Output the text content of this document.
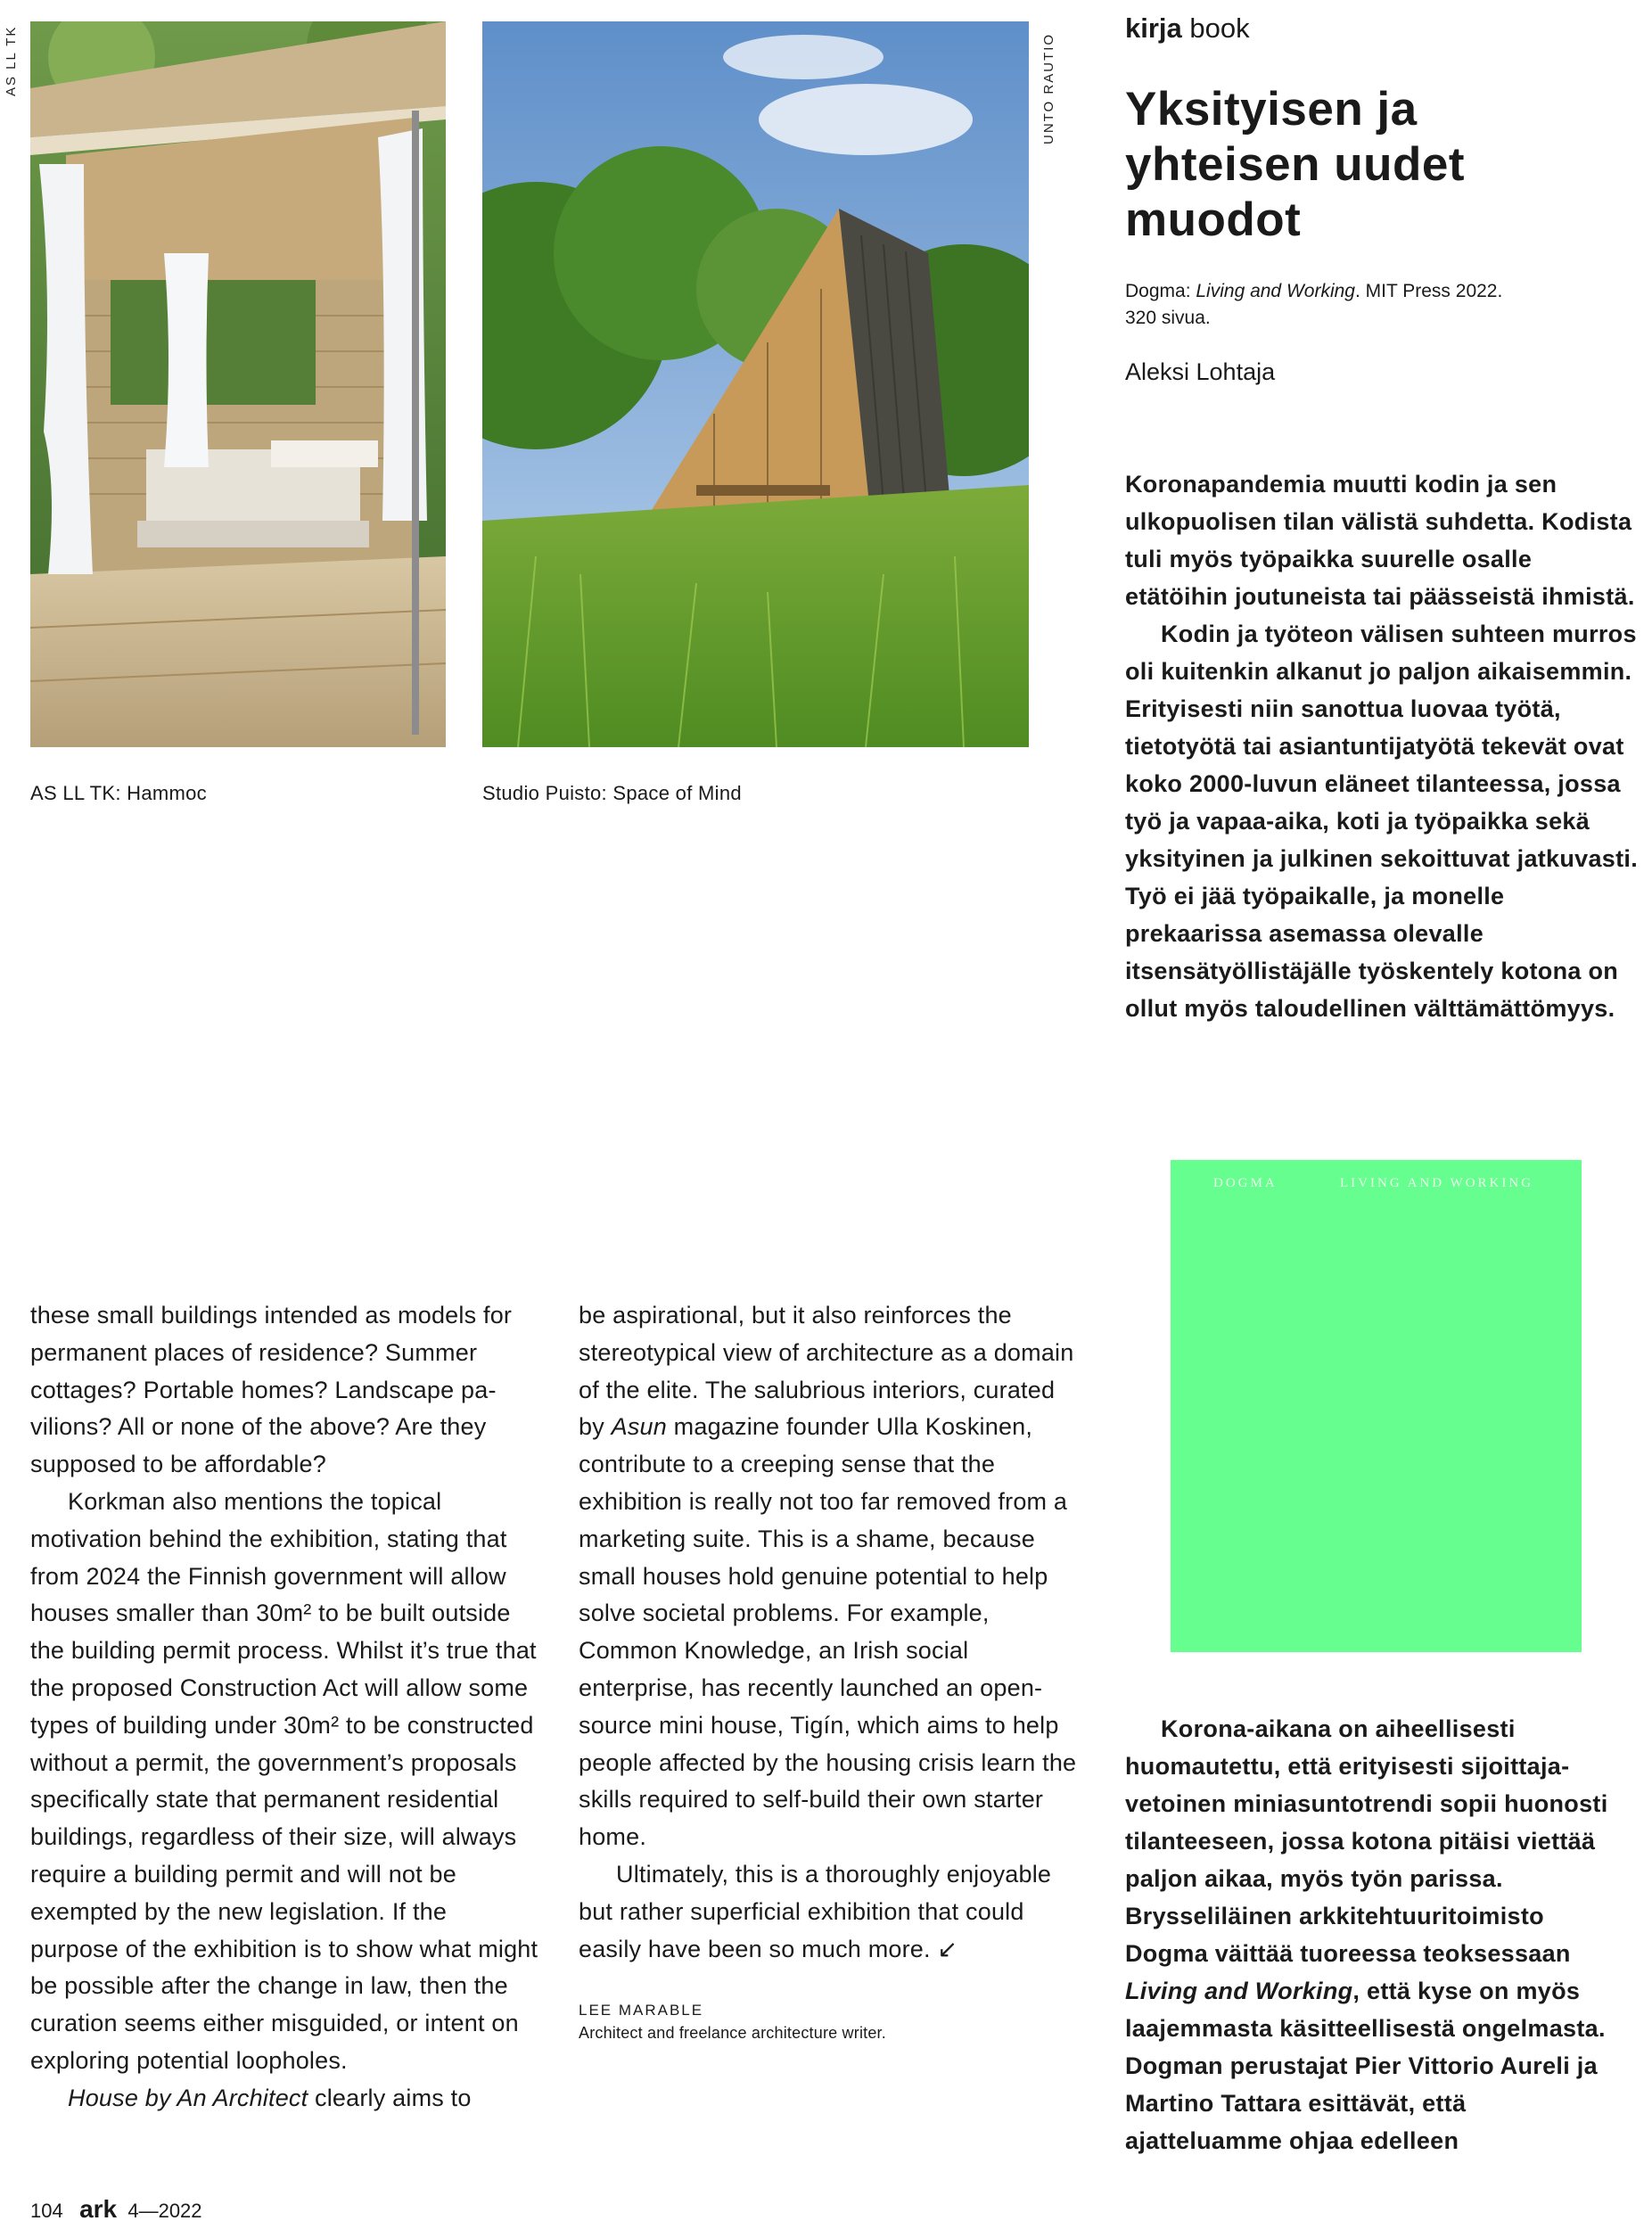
AS LL TK	UNTO RAUTIO
AS LL TK: Hammoc	Studio Puisto: Space of Mind
kirja book
Yksityisen ja yhteisen uudet muodot
Dogma: Living and Working. MIT Press 2022.
320 sivua.
Aleksi Lohtaja

Koronapandemia muutti kodin ja sen ulkopuolisen tilan välistä suhdetta. Kodista tuli myös työpaikka suurelle osalle etätöihin joutuneista tai päässeistä ihmistä.

Kodin ja työteon välisen suhteen murros oli kuitenkin alkanut jo paljon aikaisemmin. Erityisesti niin sanottua luovaa työtä, tietotyötä tai asiantuntijatyötä tekevät ovat koko 2000-luvun eläneet tilanteessa, jossa työ ja vapaa-aika, koti ja työpaikka sekä yksityinen ja julkinen sekoittuvat jatkuvasti. Työ ei jää työpaikalle, ja monelle prekaarissa asemassa olevalle itsensätyöllistäjälle työskentely kotona on ollut myös taloudellinen välttämättömyys.

DOGMA	LIVING AND WORKING

Korona-aikana on aiheellisesti huomautettu, että erityisesti sijoittajavetoinen miniasuntotrendi sopii huonosti tilanteeseen, jossa kotona pitäisi viettää paljon aikaa, myös työn parissa. Brysseliläinen arkkitehtuuritoimisto Dogma väittää tuoreessa teoksessaan Living and Working, että kyse on myös laajemmasta käsitteellisestä ongelmasta. Dogman perustajat Pier Vittorio Aureli ja Martino Tattara esittävät, että ajatteluamme ohjaa edelleen

these small buildings intended as models for permanent places of residence? Summer cottages? Portable homes? Landscape pavilions? All or none of the above? Are they supposed to be affordable?

Korkman also mentions the topical motivation behind the exhibition, stating that from 2024 the Finnish government will allow houses smaller than 30m² to be built outside the building permit process. Whilst it’s true that the proposed Construction Act will allow some types of building under 30m² to be constructed without a permit, the government’s proposals specifically state that permanent residential buildings, regardless of their size, will always require a building permit and will not be exempted by the new legislation. If the purpose of the exhibition is to show what might be possible after the change in law, then the curation seems either misguided, or intent on exploring potential loopholes.

House by An Architect clearly aims to

be aspirational, but it also reinforces the stereotypical view of architecture as a domain of the elite. The salubrious interiors, curated by Asun magazine founder Ulla Koskinen, contribute to a creeping sense that the exhibition is really not too far removed from a marketing suite. This is a shame, because small houses hold genuine potential to help solve societal problems. For example, Common Knowledge, an Irish social enterprise, has recently launched an open-source mini house, Tigín, which aims to help people affected by the housing crisis learn the skills required to self-build their own starter home.

Ultimately, this is a thoroughly enjoyable but rather superficial exhibition that could easily have been so much more. ↙

LEE MARABLE
Architect and freelance architecture writer.
104 ark 4—2022
